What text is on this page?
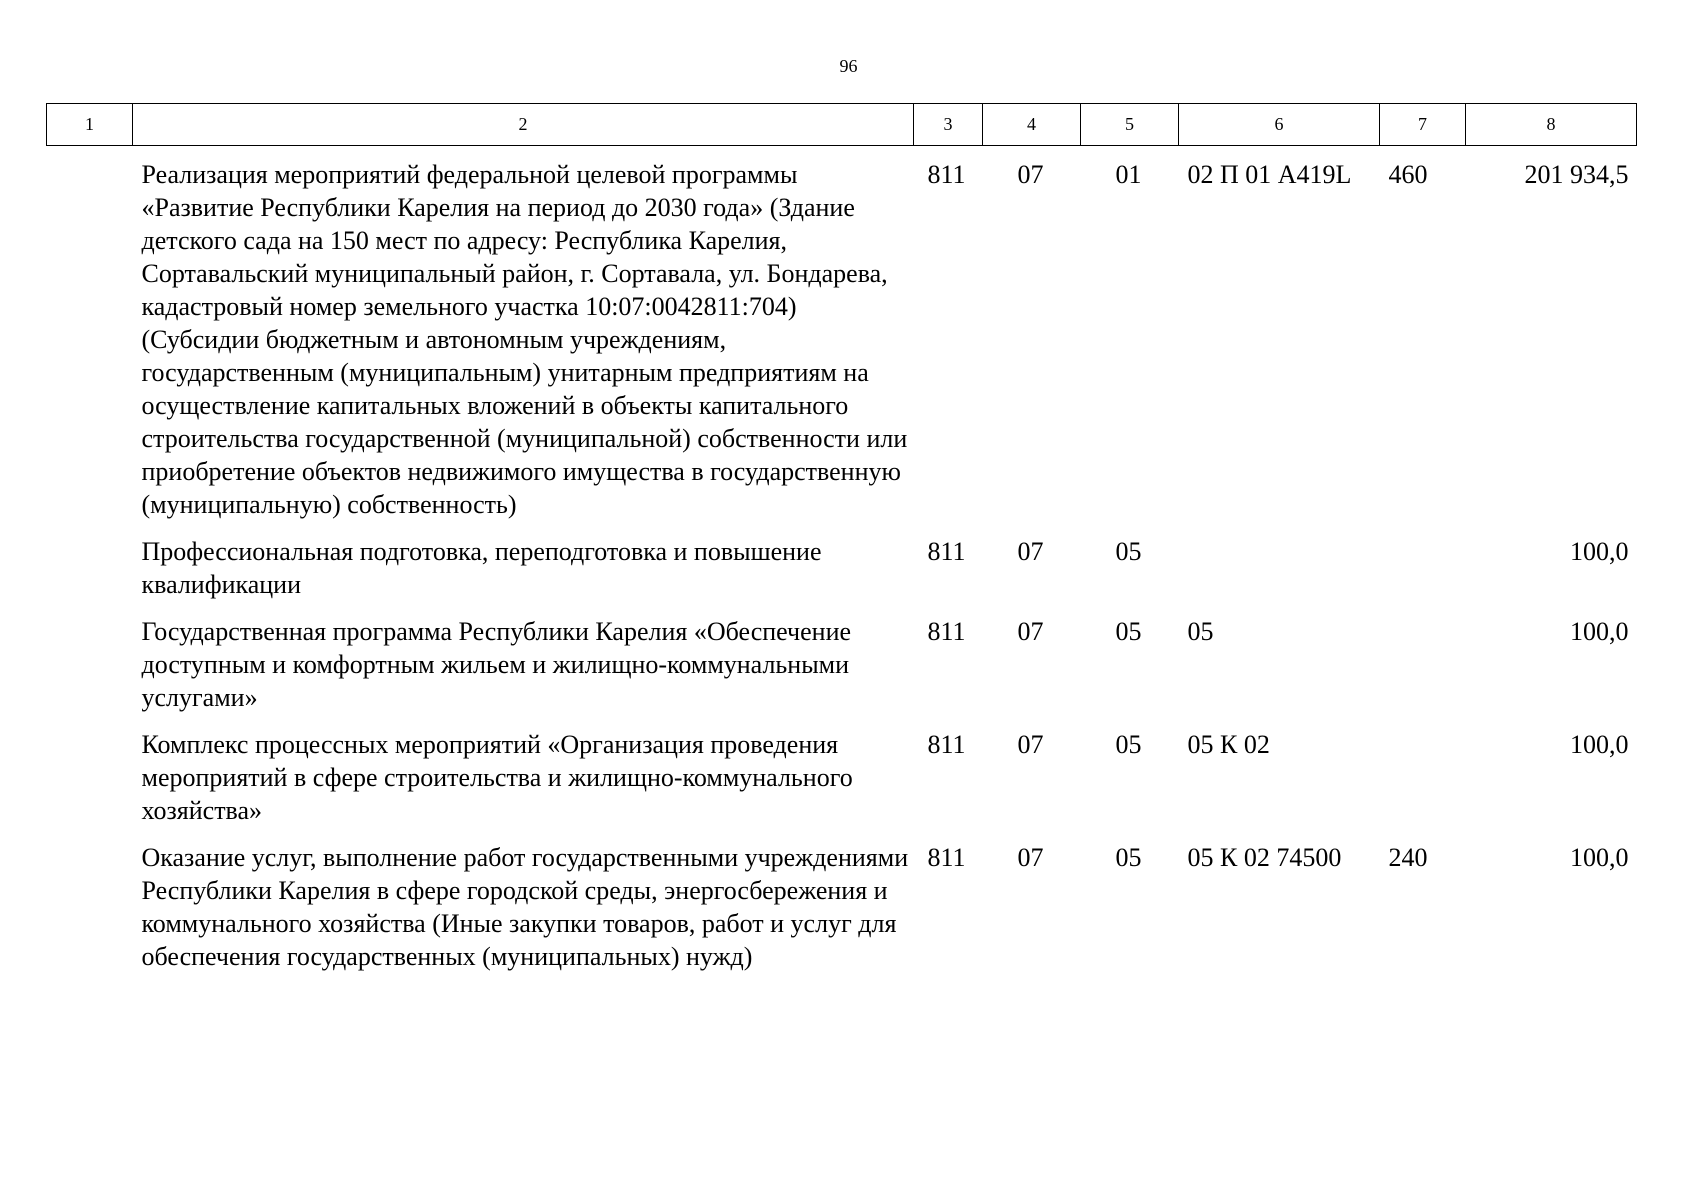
96
1	2	3	4	5	6	7	8
	Реализация мероприятий федеральной целевой программы «Развитие Республики Карелия на период до 2030 года» (Здание детского сада на 150 мест по адресу: Республика Карелия, Сортавальский муниципальный район, г. Сортавала, ул. Бондарева, кадастровый номер земельного участка 10:07:0042811:704) (Субсидии бюджетным и автономным учреждениям, государственным (муниципальным) унитарным предприятиям на осуществление капитальных вложений в объекты капитального строительства государственной (муниципальной) собственности или приобретение объектов недвижимого имущества в государственную (муниципальную) собственность)	811	07	01	02 П 01 A419L	460	201 934,5
	Профессиональная подготовка, переподготовка и повышение квалификации	811	07	05			100,0
	Государственная программа Республики Карелия «Обеспечение доступным и комфортным жильем и жилищно-коммунальными услугами»	811	07	05	05		100,0
	Комплекс процессных мероприятий «Организация проведения мероприятий в сфере строительства и жилищно-коммунального хозяйства»	811	07	05	05 К 02		100,0
	Оказание услуг, выполнение работ государственными учреждениями Республики Карелия в сфере городской среды, энергосбережения и коммунального хозяйства (Иные закупки товаров, работ и услуг для обеспечения государственных (муниципальных) нужд)	811	07	05	05 К 02 74500	240	100,0
